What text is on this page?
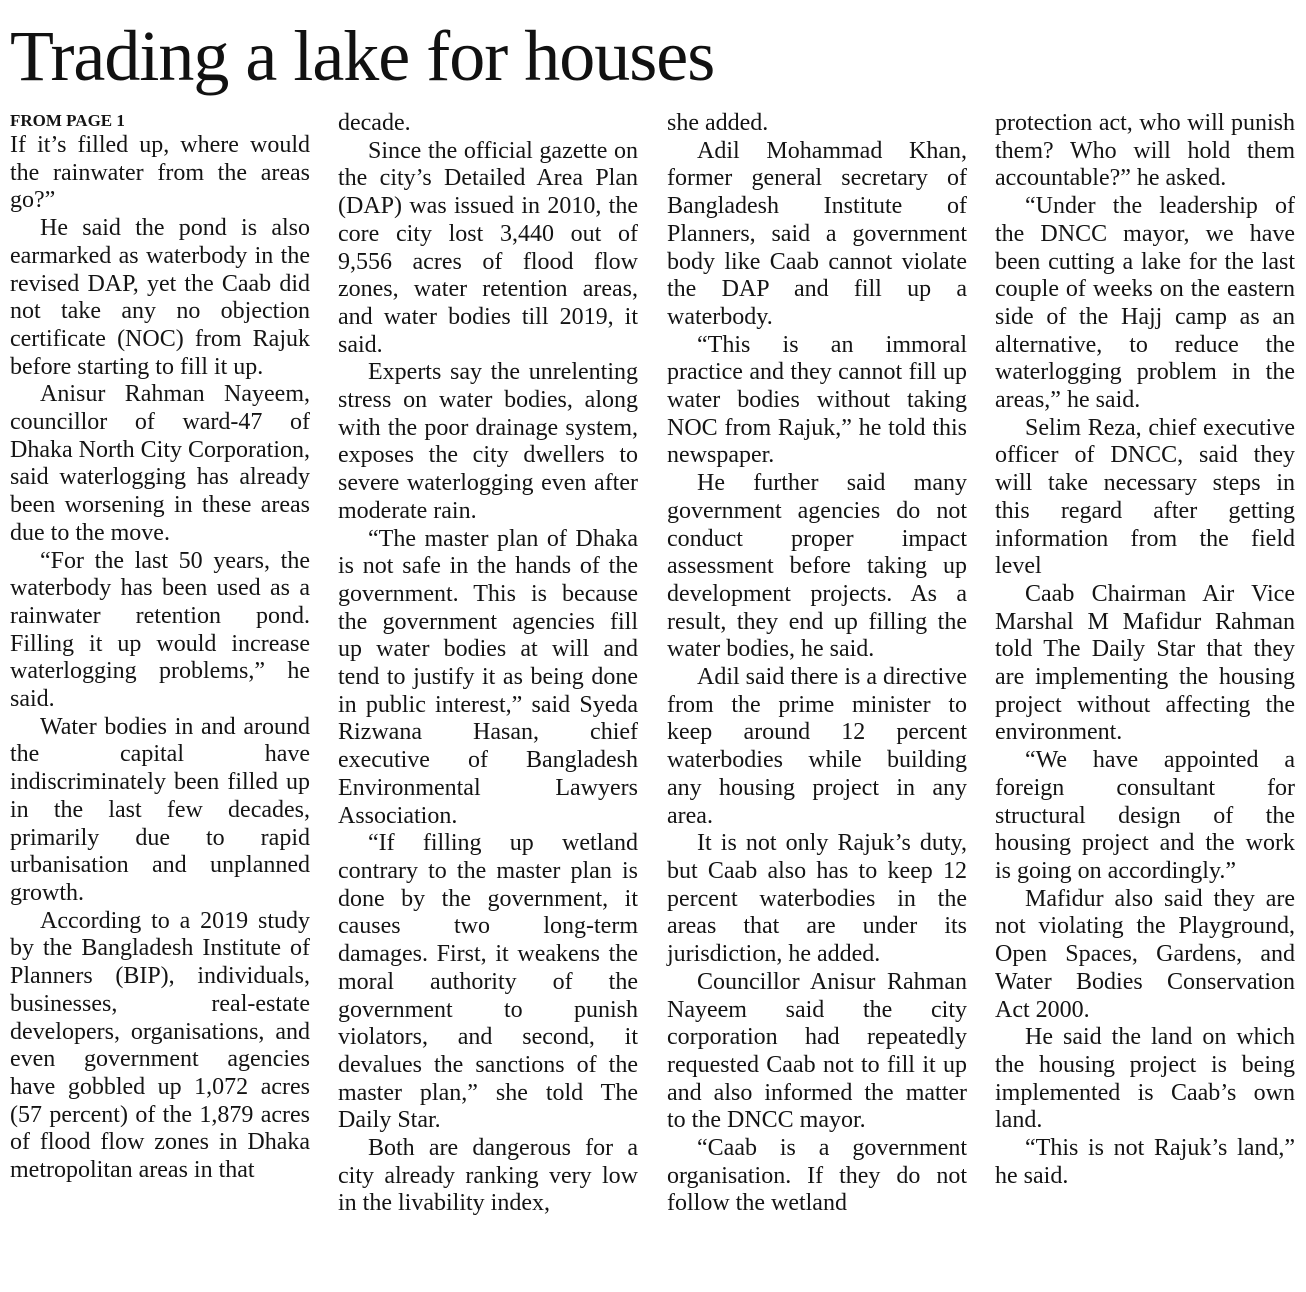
Trading a lake for houses
FROM PAGE 1

If it’s filled up, where would the rainwater from the areas go?”

He said the pond is also earmarked as waterbody in the revised DAP, yet the Caab did not take any no objection certificate (NOC) from Rajuk before starting to fill it up.

Anisur Rahman Nayeem, councillor of ward-47 of Dhaka North City Corporation, said waterlogging has already been worsening in these areas due to the move.

“For the last 50 years, the waterbody has been used as a rainwater retention pond. Filling it up would increase waterlogging problems,” he said.

Water bodies in and around the capital have indiscriminately been filled up in the last few decades, primarily due to rapid urbanisation and unplanned growth.

According to a 2019 study by the Bangladesh Institute of Planners (BIP), individuals, businesses, real-estate developers, organisations, and even government agencies have gobbled up 1,072 acres (57 percent) of the 1,879 acres of flood flow zones in Dhaka metropolitan areas in that

decade.

Since the official gazette on the city’s Detailed Area Plan (DAP) was issued in 2010, the core city lost 3,440 out of 9,556 acres of flood flow zones, water retention areas, and water bodies till 2019, it said.

Experts say the unrelenting stress on water bodies, along with the poor drainage system, exposes the city dwellers to severe waterlogging even after moderate rain.

“The master plan of Dhaka is not safe in the hands of the government. This is because the government agencies fill up water bodies at will and tend to justify it as being done in public interest,” said Syeda Rizwana Hasan, chief executive of Bangladesh Environmental Lawyers Association.

“If filling up wetland contrary to the master plan is done by the government, it causes two long-term damages. First, it weakens the moral authority of the government to punish violators, and second, it devalues the sanctions of the master plan,” she told The Daily Star.

Both are dangerous for a city already ranking very low in the livability index,

she added.

Adil Mohammad Khan, former general secretary of Bangladesh Institute of Planners, said a government body like Caab cannot violate the DAP and fill up a waterbody.

“This is an immoral practice and they cannot fill up water bodies without taking NOC from Rajuk,” he told this newspaper.

He further said many government agencies do not conduct proper impact assessment before taking up development projects. As a result, they end up filling the water bodies, he said.

Adil said there is a directive from the prime minister to keep around 12 percent waterbodies while building any housing project in any area.

It is not only Rajuk’s duty, but Caab also has to keep 12 percent waterbodies in the areas that are under its jurisdiction, he added.

Councillor Anisur Rahman Nayeem said the city corporation had repeatedly requested Caab not to fill it up and also informed the matter to the DNCC mayor.

“Caab is a government organisation. If they do not follow the wetland

protection act, who will punish them? Who will hold them accountable?” he asked.

“Under the leadership of the DNCC mayor, we have been cutting a lake for the last couple of weeks on the eastern side of the Hajj camp as an alternative, to reduce the waterlogging problem in the areas,” he said.

Selim Reza, chief executive officer of DNCC, said they will take necessary steps in this regard after getting information from the field level

Caab Chairman Air Vice Marshal M Mafidur Rahman told The Daily Star that they are implementing the housing project without affecting the environment.

“We have appointed a foreign consultant for structural design of the housing project and the work is going on accordingly.”

Mafidur also said they are not violating the Playground, Open Spaces, Gardens, and Water Bodies Conservation Act 2000.

He said the land on which the housing project is being implemented is Caab’s own land.

“This is not Rajuk’s land,” he said.
